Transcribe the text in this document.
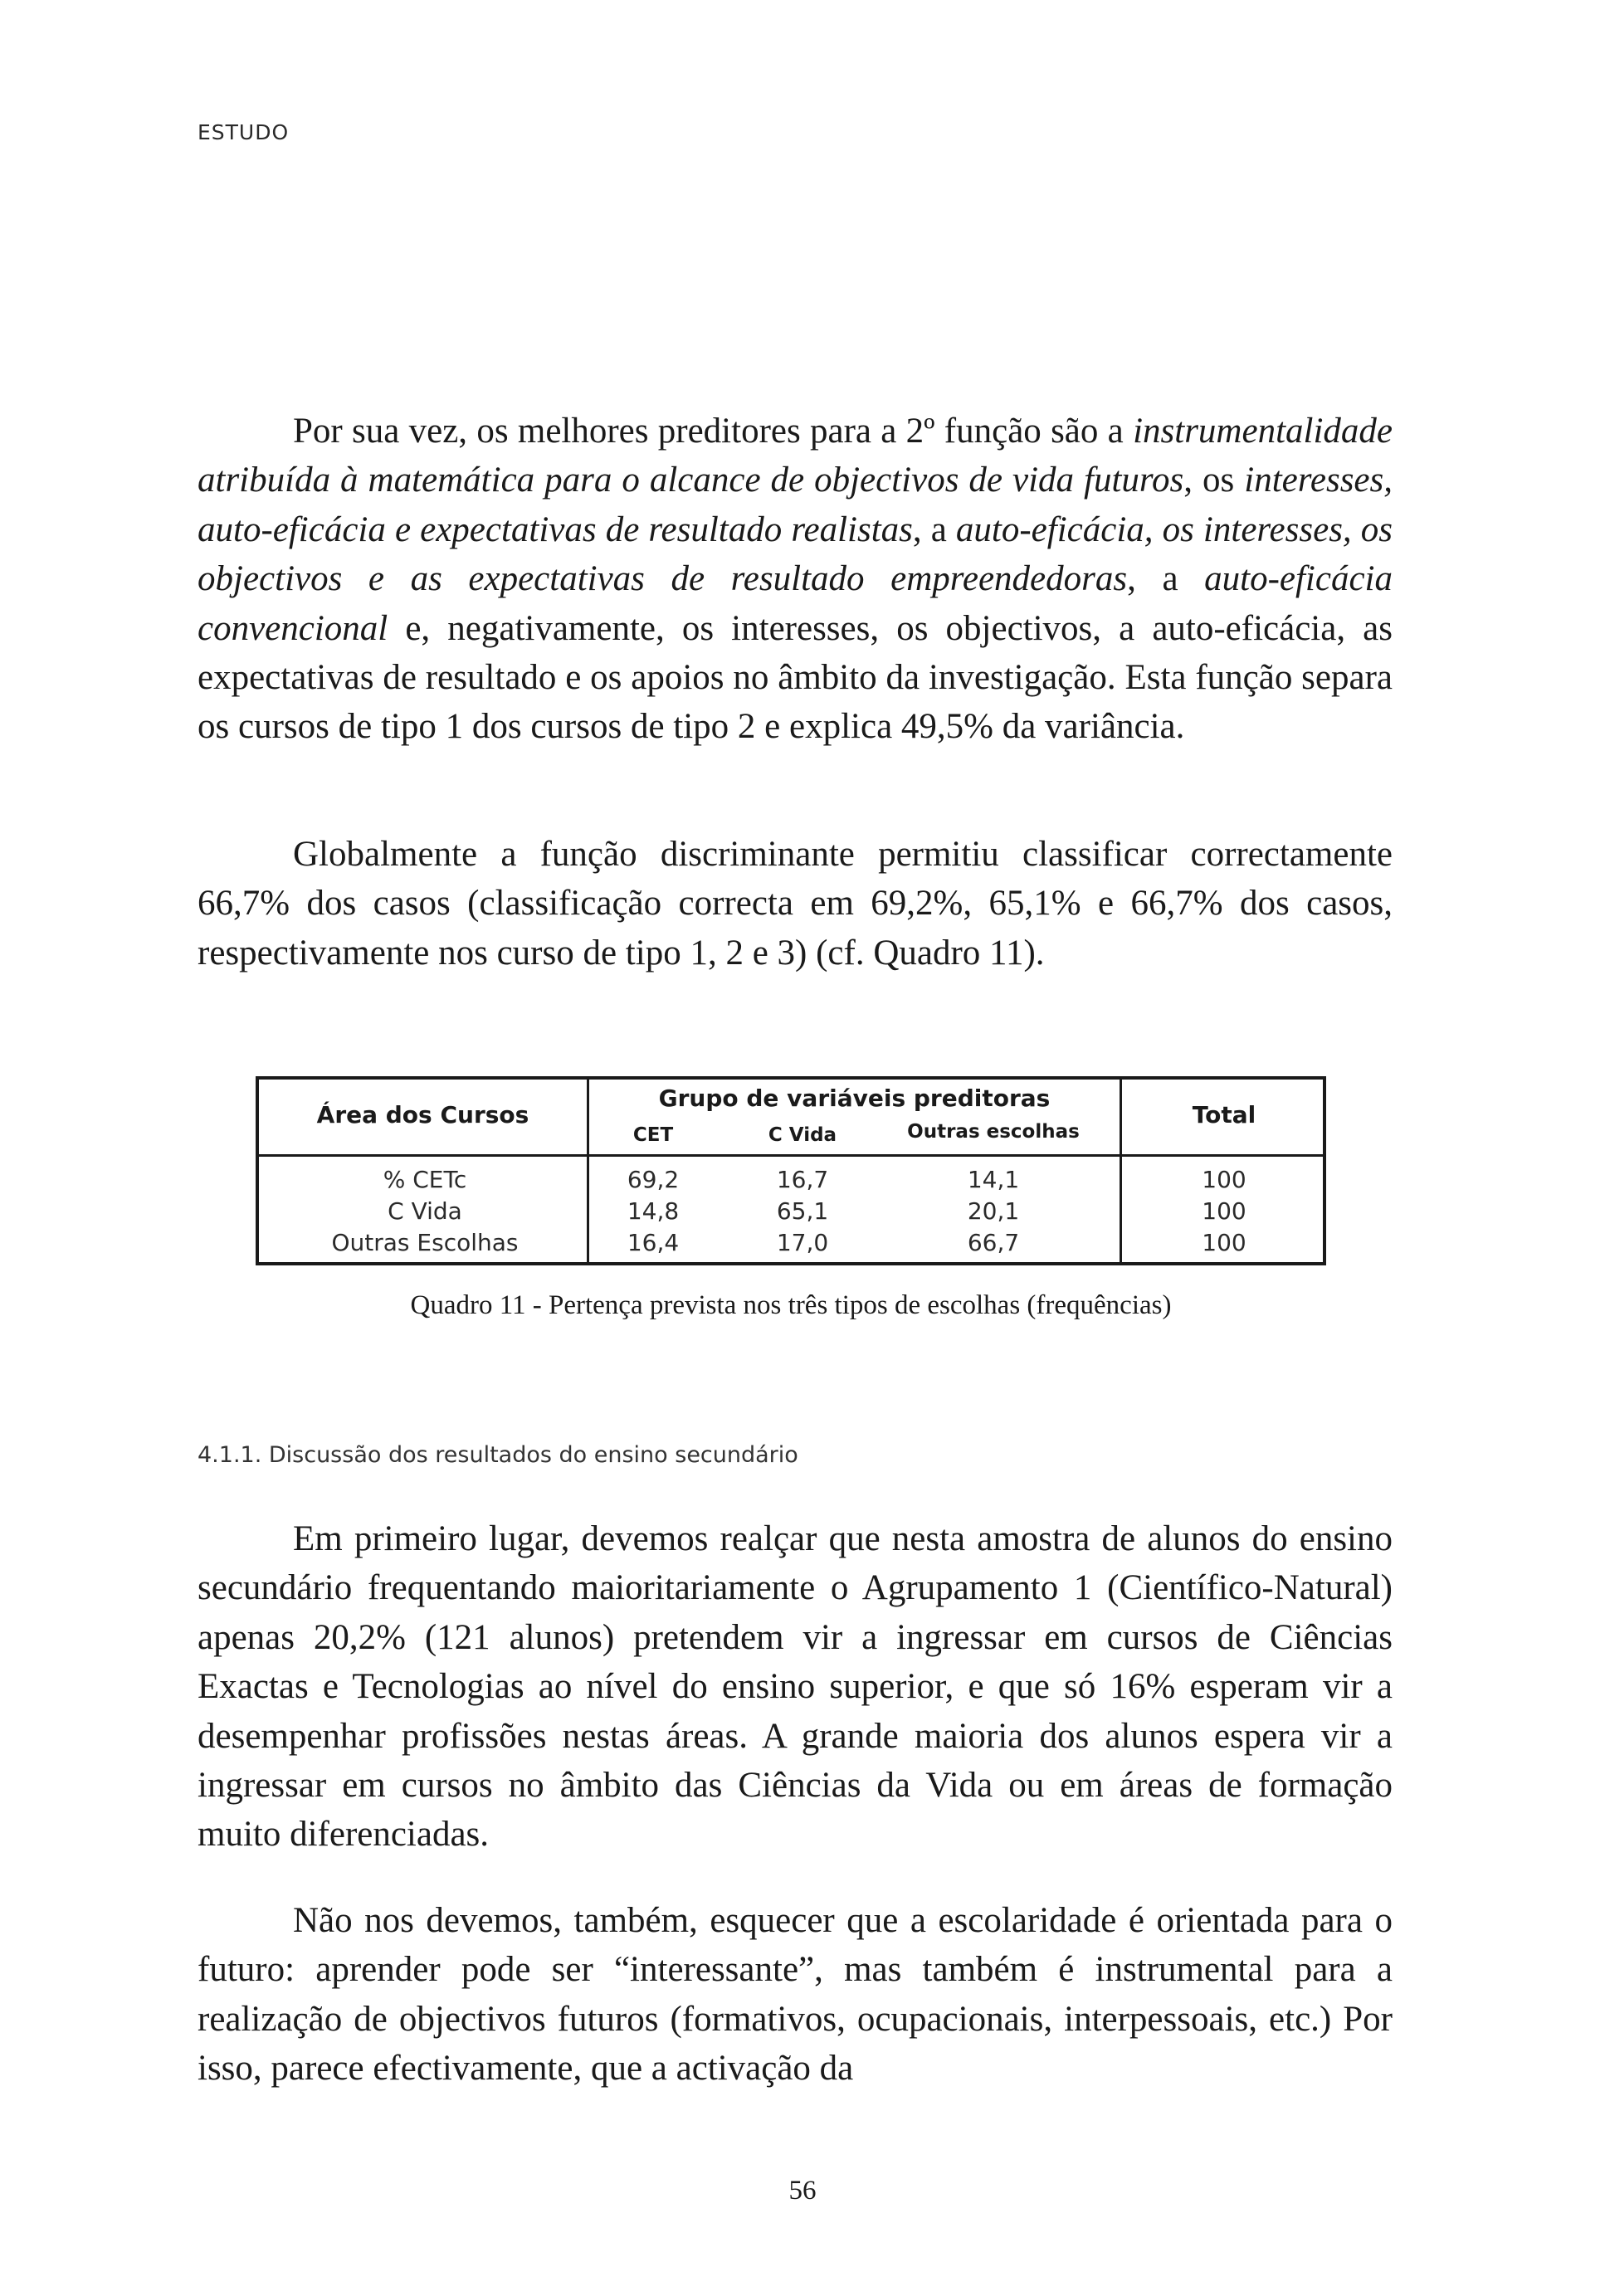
ESTUDO

Por sua vez, os melhores preditores para a 2º função são a instrumentalidade atribuída à matemática para o alcance de objectivos de vida futuros, os interesses, auto-eficácia e expectativas de resultado realistas, a auto-eficácia, os interesses, os objectivos e as expectativas de resultado empreendedoras, a auto-eficácia convencional e, negativamente, os interesses, os objectivos, a auto-eficácia, as expectativas de resultado e os apoios no âmbito da investigação. Esta função separa os cursos de tipo 1 dos cursos de tipo 2 e explica 49,5% da variância.

Globalmente a função discriminante permitiu classificar correctamente 66,7% dos casos (classificação correcta em 69,2%, 65,1% e 66,7% dos casos, respectivamente nos curso de tipo 1, 2 e 3) (cf. Quadro 11).

Área dos Cursos
Grupo de variáveis preditoras
CET	C Vida	Outras escolhas
Total
% CETc	69,2	16,7	14,1	100
C Vida	14,8	65,1	20,1	100
Outras Escolhas	16,4	17,0	66,7	100
Quadro 11 - Pertença prevista nos três tipos de escolhas (frequências)
4.1.1. Discussão dos resultados do ensino secundário

Em primeiro lugar, devemos realçar que nesta amostra de alunos do ensino secundário frequentando maioritariamente o Agrupamento 1 (Científico-Natural) apenas 20,2% (121 alunos) pretendem vir a ingressar em cursos de Ciências Exactas e Tecnologias ao nível do ensino superior, e que só 16% esperam vir a desempenhar profissões nestas áreas. A grande maioria dos alunos espera vir a ingressar em cursos no âmbito das Ciências da Vida ou em áreas de formação muito diferenciadas.

Não nos devemos, também, esquecer que a escolaridade é orientada para o futuro: aprender pode ser “interessante”, mas também é instrumental para a realização de objectivos futuros (formativos, ocupacionais, interpessoais, etc.) Por isso, parece efectivamente, que a activação da

56
